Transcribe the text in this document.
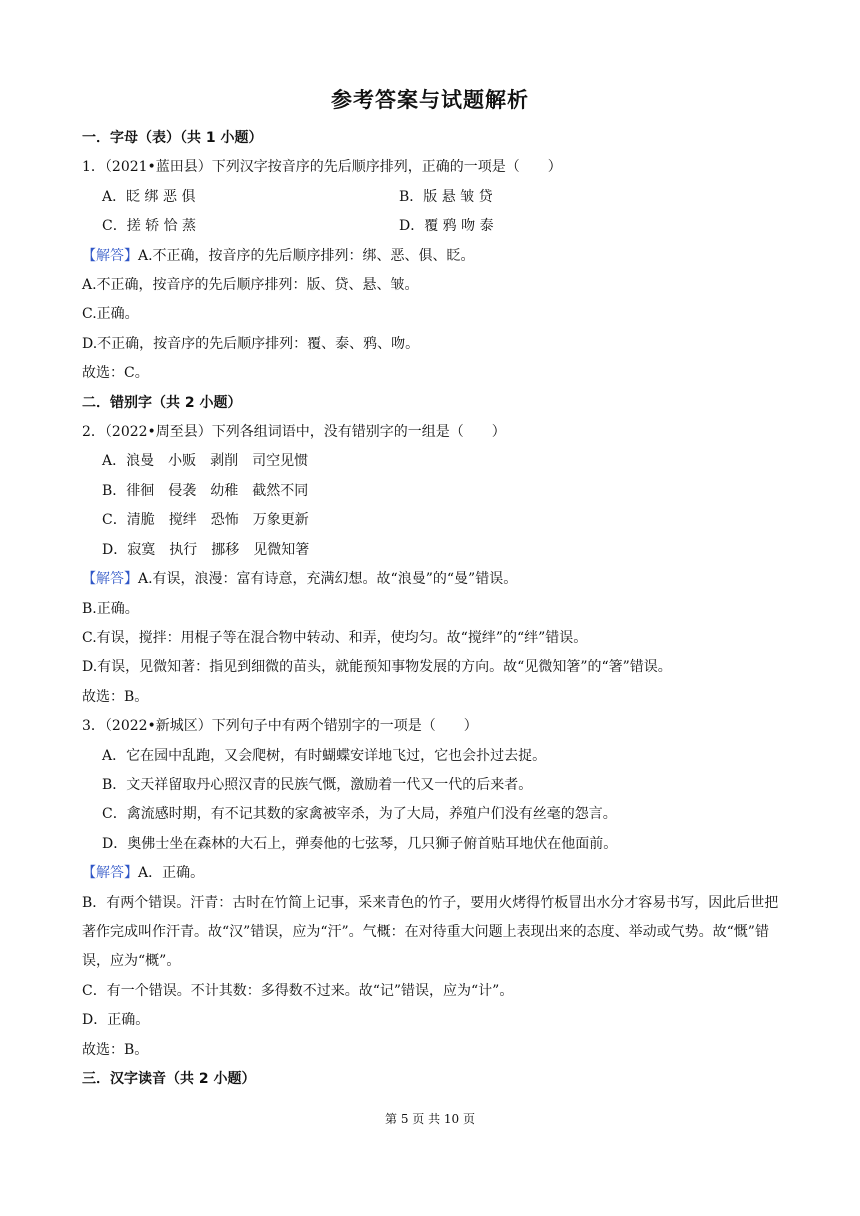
参考答案与试题解析
一．字母（表）（共 1 小题）
1．（2021•蓝田县）下列汉字按音序的先后顺序排列，正确的一项是（　　）
A．眨 绑 恶 俱	B．版 悬 皱 贷
C．搓 轿 恰 蒸	D．覆 鸦 吻 泰
【解答】A.不正确，按音序的先后顺序排列：绑、恶、俱、眨。
A.不正确，按音序的先后顺序排列：版、贷、悬、皱。
C.正确。
D.不正确，按音序的先后顺序排列：覆、泰、鸦、吻。
故选：C。
二．错别字（共 2 小题）
2．（2022•周至县）下列各组词语中，没有错别字的一组是（　　）
A．浪曼　小贩　剥削　司空见惯
B．徘徊　侵袭　幼稚　截然不同
C．清脆　搅绊　恐怖　万象更新
D．寂寞　执行　挪移　见微知箸
【解答】A.有误，浪漫：富有诗意，充满幻想。故“浪曼”的“曼”错误。
B.正确。
C.有误，搅拌：用棍子等在混合物中转动、和弄，使均匀。故“搅绊”的“绊”错误。
D.有误，见微知著：指见到细微的苗头，就能预知事物发展的方向。故“见微知箸”的“箸”错误。
故选：B。
3．（2022•新城区）下列句子中有两个错别字的一项是（　　）
A．它在园中乱跑，又会爬树，有时蝴蝶安详地飞过，它也会扑过去捉。
B．文天祥留取丹心照汉青的民族气慨，激励着一代又一代的后来者。
C．禽流感时期，有不记其数的家禽被宰杀，为了大局，养殖户们没有丝毫的怨言。
D．奥佛士坐在森林的大石上，弹奏他的七弦琴，几只狮子俯首贴耳地伏在他面前。
【解答】A．正确。
B．有两个错误。汗青：古时在竹简上记事，采来青色的竹子，要用火烤得竹板冒出水分才容易书写，因此后世把著作完成叫作汗青。故“汉”错误，应为“汗”。气概：在对待重大问题上表现出来的态度、举动或气势。故“慨”错误，应为“概”。
C．有一个错误。不计其数：多得数不过来。故“记”错误，应为“计”。
D．正确。
故选：B。
三．汉字读音（共 2 小题）
第 5 页 共 10 页
